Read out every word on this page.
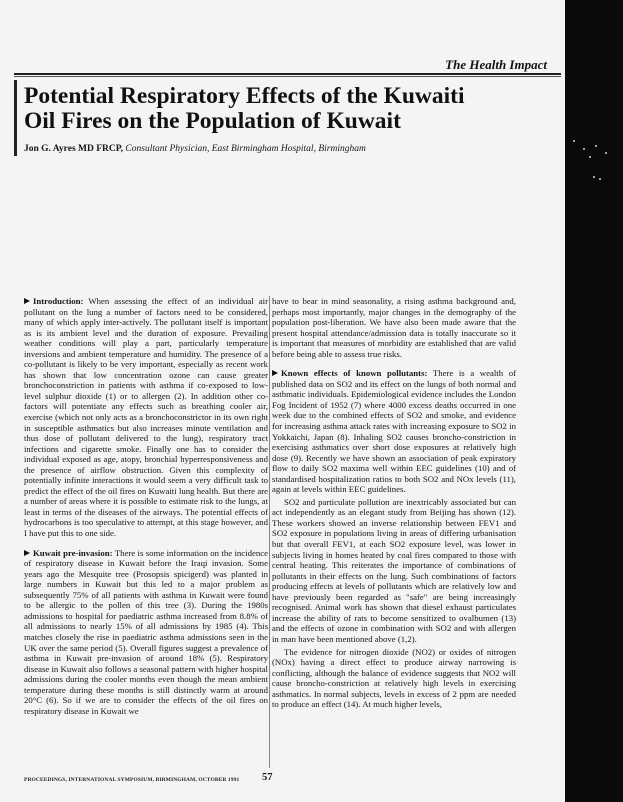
The Health Impact
Potential Respiratory Effects of the Kuwaiti Oil Fires on the Population of Kuwait
Jon G. Ayres MD FRCP, Consultant Physician, East Birmingham Hospital, Birmingham

Introduction: When assessing the effect of an individual air pollutant on the lung a number of factors need to be considered, many of which apply inter-actively. The pollutant itself is important as is its ambient level and the duration of exposure. Prevailing weather conditions will play a part, particularly temperature inversions and ambient temperature and humidity. The presence of a co-pollutant is likely to be very important, especially as recent work has shown that low concentration ozone can cause greater bronchoconstriction in patients with asthma if co-exposed to low-level sulphur dioxide (1) or to allergen (2). In addition other co-factors will potentiate any effects such as breathing cooler air, exercise (which not only acts as a bronchoconstrictor in its own right in susceptible asthmatics but also increases minute ventilation and thus dose of pollutant delivered to the lung), respiratory tract infections and cigarette smoke. Finally one has to consider the individual exposed as age, atopy, bronchial hyperresponsiveness and the presence of airflow obstruction. Given this complexity of potentially infinite interactions it would seem a very difficult task to predict the effect of the oil fires on Kuwaiti lung health. But there are a number of areas where it is possible to estimate risk to the lungs, at least in terms of the diseases of the airways. The potential effects of hydrocarbons is too speculative to attempt, at this stage however, and I have put this to one side.

Kuwait pre-invasion: There is some information on the incidence of respiratory disease in Kuwait before the Iraqi invasion. Some years ago the Mesquite tree (Prosopsis spicigerd) was planted in large numbers in Kuwait but this led to a major problem as subsequently 75% of all patients with asthma in Kuwait were found to be allergic to the pollen of this tree (3). During the 1980s admissions to hospital for paediatric asthma increased from 8.8% of all admissions to nearly 15% of all admissions by 1985 (4). This matches closely the rise in paediatric asthma admissions seen in the UK over the same period (5). Overall figures suggest a prevalence of asthma in Kuwait pre-invasion of around 18% (5). Respiratory disease in Kuwait also follows a seasonal pattern with higher hospital admissions during the cooler months even though the mean ambient temperature during these months is still distinctly warm at around 20°C (6). So if we are to consider the effects of the oil fires on respiratory disease in Kuwait we

have to bear in mind seasonality, a rising asthma background and, perhaps most importantly, major changes in the demography of the population post-liberation. We have also been made aware that the present hospital attendance/admission data is totally inaccurate so it is important that measures of morbidity are established that are valid before being able to assess true risks.

Known effects of known pollutants: There is a wealth of published data on SO2 and its effect on the lungs of both normal and asthmatic individuals. Epidemiological evidence includes the London Fog Incident of 1952 (7) where 4000 excess deaths occurred in one week due to the combined effects of SO2 and smoke, and evidence for increasing asthma attack rates with increasing exposure to SO2 in Yokkaichi, Japan (8). Inhaling SO2 causes broncho-constriction in exercising asthmatics over short dose exposures at relatively high dose (9). Recently we have shown an association of peak expiratory flow to daily SO2 maxima well within EEC guidelines (10) and of standardised hospitalization ratios to both SO2 and NOx levels (11), again at levels within EEC guidelines.

SO2 and particulate pollution are inextricably associated but can act independently as an elegant study from Beijing has shown (12). These workers showed an inverse relationship between FEV1 and SO2 exposure in populations living in areas of differing urbanisation but that overall FEV1, at each SO2 exposure level, was lower in subjects living in homes heated by coal fires compared to those with central heating. This reiterates the importance of combinations of pollutants in their effects on the lung. Such combinations of factors producing effects at levels of pollutants which are relatively low and have previously been regarded as "safe" are being increasingly recognised. Animal work has shown that diesel exhaust particulates increase the ability of rats to become sensitized to ovalbumen (13) and the effects of ozone in combination with SO2 and with allergen in man have been mentioned above (1,2).

The evidence for nitrogen dioxide (NO2) or oxides of nitrogen (NOx) having a direct effect to produce airway narrowing is conflicting, although the balance of evidence suggests that NO2 will cause broncho-constriction at relatively high levels in exercising asthmatics. In normal subjects, levels in excess of 2 ppm are needed to produce an effect (14). At much higher levels,

PROCEEDINGS, INTERNATIONAL SYMPOSIUM, BIRMINGHAM, OCTOBER 1991 57
